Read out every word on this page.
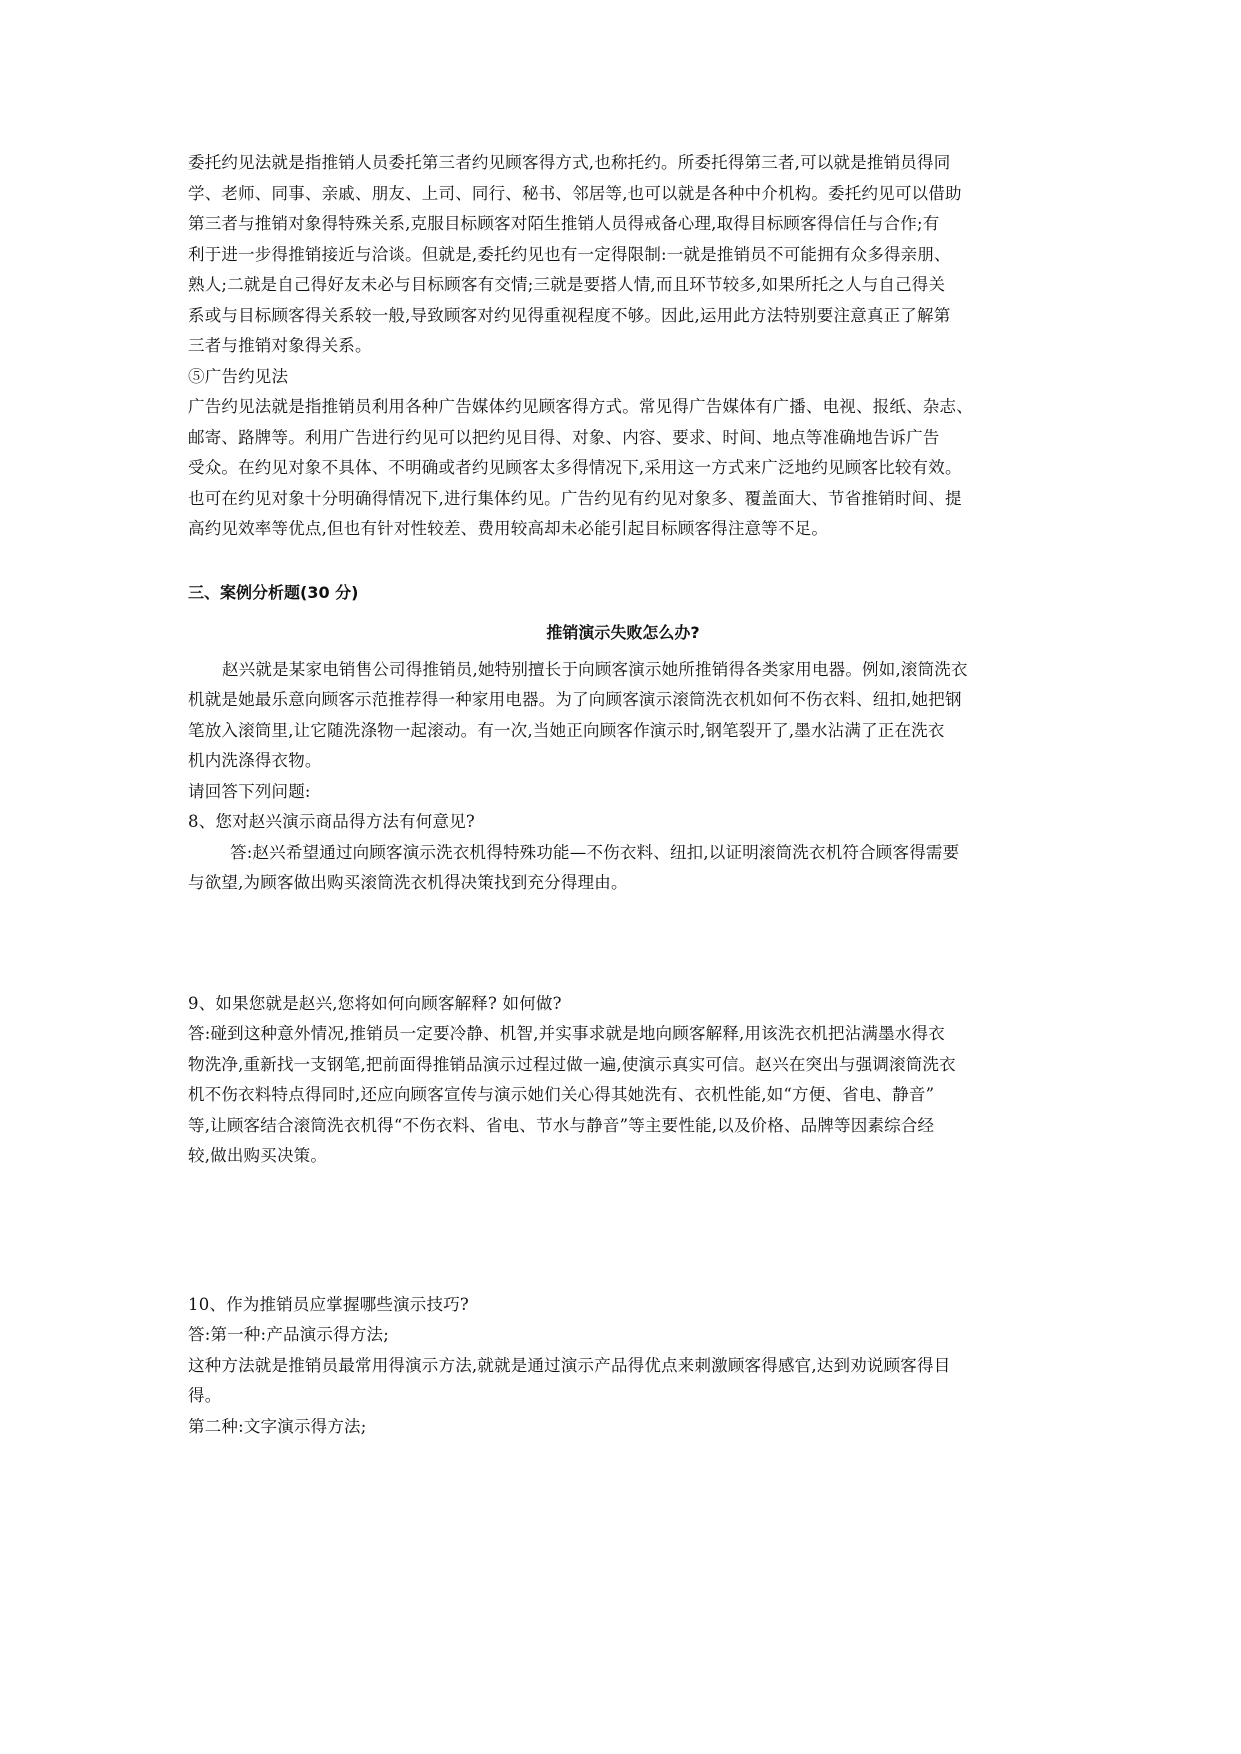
委托约见法就是指推销人员委托第三者约见顾客得方式,也称托约。所委托得第三者,可以就是推销员得同
学、老师、同事、亲戚、朋友、上司、同行、秘书、邻居等,也可以就是各种中介机构。委托约见可以借助
第三者与推销对象得特殊关系,克服目标顾客对陌生推销人员得戒备心理,取得目标顾客得信任与合作;有
利于进一步得推销接近与洽谈。但就是,委托约见也有一定得限制:一就是推销员不可能拥有众多得亲朋、
熟人;二就是自己得好友未必与目标顾客有交情;三就是要搭人情,而且环节较多,如果所托之人与自己得关
系或与目标顾客得关系较一般,导致顾客对约见得重视程度不够。因此,运用此方法特别要注意真正了解第
三者与推销对象得关系。
⑤广告约见法
广告约见法就是指推销员利用各种广告媒体约见顾客得方式。常见得广告媒体有广播、电视、报纸、杂志、
邮寄、路牌等。利用广告进行约见可以把约见目得、对象、内容、要求、时间、地点等准确地告诉广告
受众。在约见对象不具体、不明确或者约见顾客太多得情况下,采用这一方式来广泛地约见顾客比较有效。
也可在约见对象十分明确得情况下,进行集体约见。广告约见有约见对象多、覆盖面大、节省推销时间、提
高约见效率等优点,但也有针对性较差、费用较高却未必能引起目标顾客得注意等不足。
三、案例分析题(30 分)
推销演示失败怎么办?
赵兴就是某家电销售公司得推销员,她特别擅长于向顾客演示她所推销得各类家用电器。例如,滚筒洗衣
机就是她最乐意向顾客示范推荐得一种家用电器。为了向顾客演示滚筒洗衣机如何不伤衣料、纽扣,她把钢
笔放入滚筒里,让它随洗涤物一起滚动。有一次,当她正向顾客作演示时,钢笔裂开了,墨水沾满了正在洗衣
机内洗涤得衣物。
请回答下列问题:
8、您对赵兴演示商品得方法有何意见?
答:赵兴希望通过向顾客演示洗衣机得特殊功能—不伤衣料、纽扣,以证明滚筒洗衣机符合顾客得需要
与欲望,为顾客做出购买滚筒洗衣机得决策找到充分得理由。
9、如果您就是赵兴,您将如何向顾客解释? 如何做?
答:碰到这种意外情况,推销员一定要冷静、机智,并实事求就是地向顾客解释,用该洗衣机把沾满墨水得衣
物洗净,重新找一支钢笔,把前面得推销品演示过程过做一遍,使演示真实可信。赵兴在突出与强调滚筒洗衣
机不伤衣料特点得同时,还应向顾客宣传与演示她们关心得其她洗有、衣机性能,如“方便、省电、静音”
等,让顾客结合滚筒洗衣机得“不伤衣料、省电、节水与静音”等主要性能,以及价格、品牌等因素综合经
较,做出购买决策。
10、作为推销员应掌握哪些演示技巧?
答:第一种:产品演示得方法;
这种方法就是推销员最常用得演示方法,就就是通过演示产品得优点来刺激顾客得感官,达到劝说顾客得目
得。
第二种:文字演示得方法;
